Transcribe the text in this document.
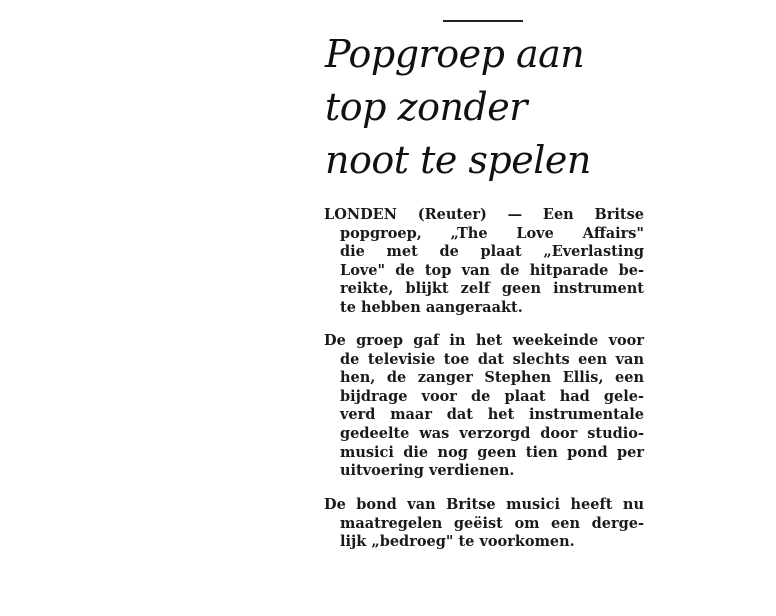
Popgroep aan
top zonder
noot te spelen

LONDEN (Reuter) — Een Britse
popgroep, „The Love Affairs"
die met de plaat „Everlasting
Love" de top van de hitparade be-
reikte, blijkt zelf geen instrument
te hebben aangeraakt.

De groep gaf in het weekeinde voor
de televisie toe dat slechts een van
hen, de zanger Stephen Ellis, een
bijdrage voor de plaat had gele-
verd maar dat het instrumentale
gedeelte was verzorgd door studio-
musici die nog geen tien pond per
uitvoering verdienen.

De bond van Britse musici heeft nu
maatregelen geëist om een derge-
lijk „bedroeg" te voorkomen.
